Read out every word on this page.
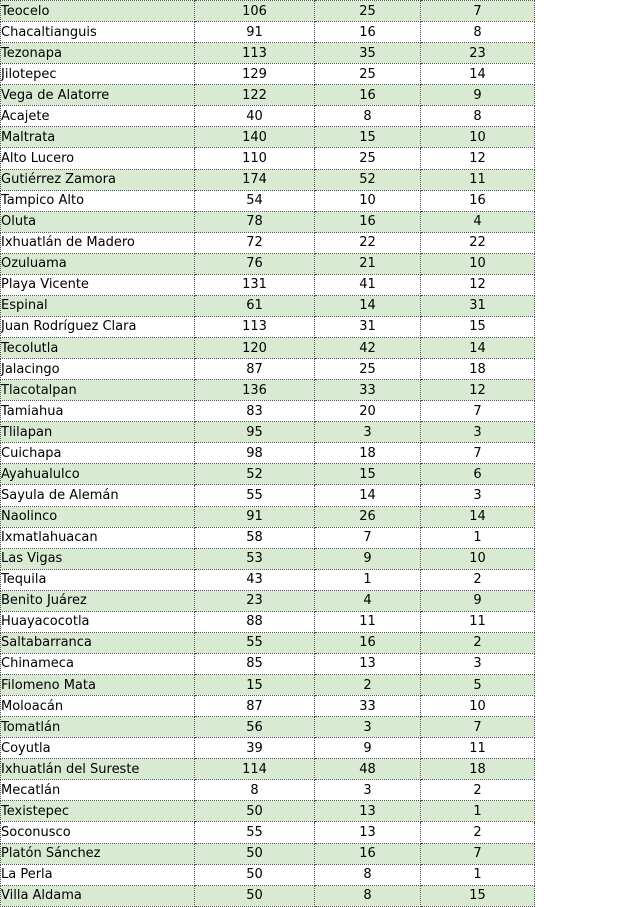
Teocelo	106	25	7
Chacaltianguis	91	16	8
Tezonapa	113	35	23
Jilotepec	129	25	14
Vega de Alatorre	122	16	9
Acajete	40	8	8
Maltrata	140	15	10
Alto Lucero	110	25	12
Gutiérrez Zamora	174	52	11
Tampico Alto	54	10	16
Oluta	78	16	4
Ixhuatlán de Madero	72	22	22
Ozuluama	76	21	10
Playa Vicente	131	41	12
Espinal	61	14	31
Juan Rodríguez Clara	113	31	15
Tecolutla	120	42	14
Jalacingo	87	25	18
Tlacotalpan	136	33	12
Tamiahua	83	20	7
Tlilapan	95	3	3
Cuichapa	98	18	7
Ayahualulco	52	15	6
Sayula de Alemán	55	14	3
Naolinco	91	26	14
Ixmatlahuacan	58	7	1
Las Vigas	53	9	10
Tequila	43	1	2
Benito Juárez	23	4	9
Huayacocotla	88	11	11
Saltabarranca	55	16	2
Chinameca	85	13	3
Filomeno Mata	15	2	5
Moloacán	87	33	10
Tomatlán	56	3	7
Coyutla	39	9	11
Ixhuatlán del Sureste	114	48	18
Mecatlán	8	3	2
Texistepec	50	13	1
Soconusco	55	13	2
Platón Sánchez	50	16	7
La Perla	50	8	1
Villa Aldama	50	8	15
